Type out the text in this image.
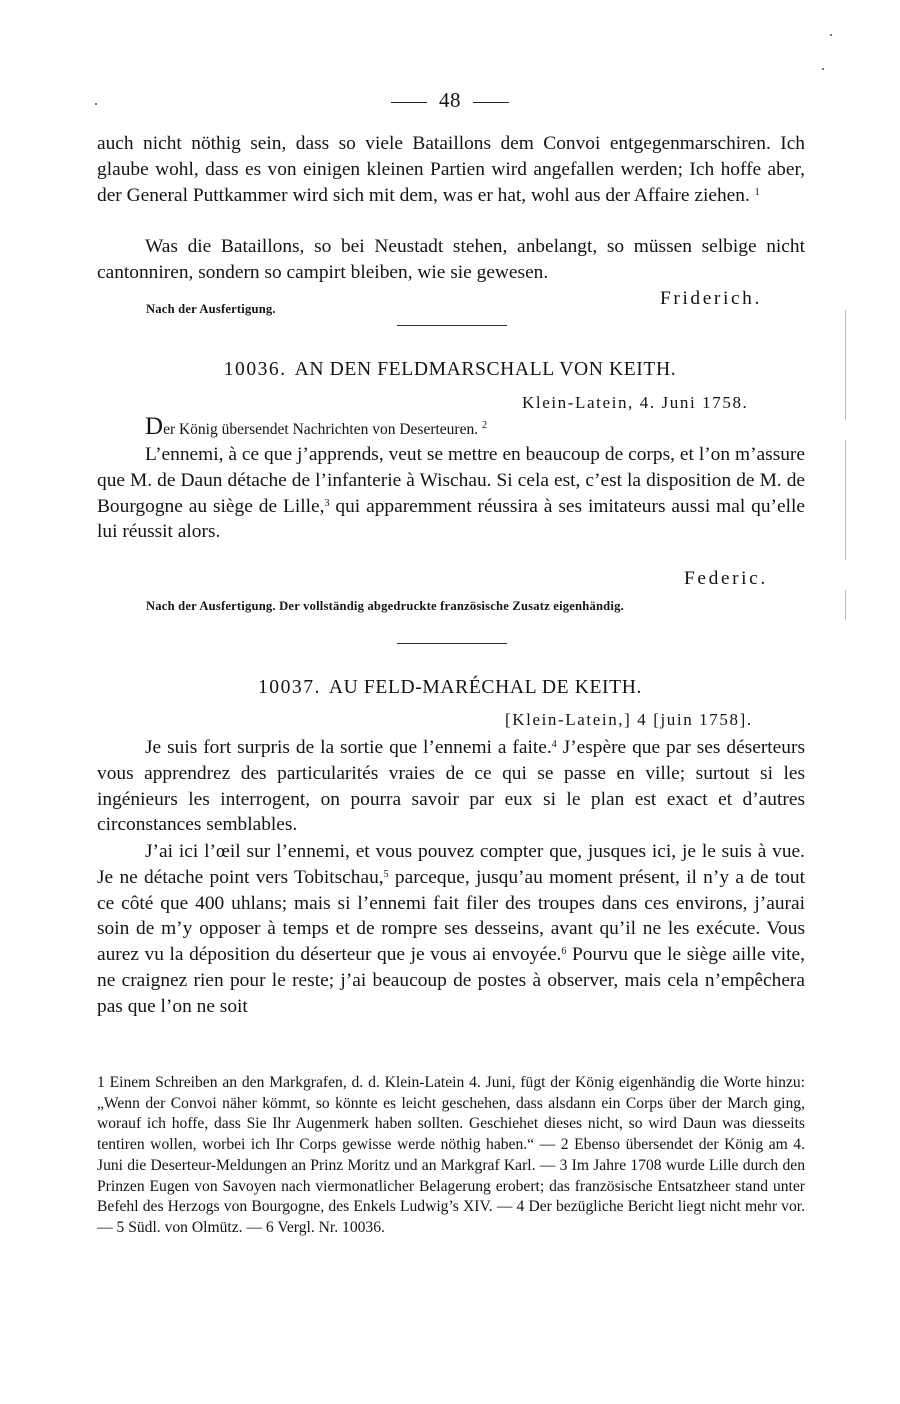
48
auch nicht nöthig sein, dass so viele Bataillons dem Convoi entgegenmarschiren. Ich glaube wohl, dass es von einigen kleinen Partien wird angefallen werden; Ich hoffe aber, der General Puttkammer wird sich mit dem, was er hat, wohl aus der Affaire ziehen. $^1$
Was die Bataillons, so bei Neustadt stehen, anbelangt, so müssen selbige nicht cantonniren, sondern so campirt bleiben, wie sie gewesen.
Nach der Ausfertigung.	Friderich.
10036. AN DEN FELDMARSCHALL VON KEITH.
Klein-Latein, 4. Juni 1758.
Der König übersendet Nachrichten von Deserteuren. $^2$
L’ennemi, à ce que j’apprends, veut se mettre en beaucoup de corps, et l’on m’assure que M. de Daun détache de l’infanterie à Wischau. Si cela est, c’est la disposition de M. de Bourgogne au siège de Lille,$^3$ qui apparemment réussira à ses imitateurs aussi mal qu’elle lui réussit alors.
Federic.
Nach der Ausfertigung. Der vollständig abgedruckte französische Zusatz eigenhändig.
10037. AU FELD-MARÉCHAL DE KEITH.
[Klein-Latein,] 4 [juin 1758].
Je suis fort surpris de la sortie que l’ennemi a faite.$^4$ J’espère que par ses déserteurs vous apprendrez des particularités vraies de ce qui se passe en ville; surtout si les ingénieurs les interrogent, on pourra savoir par eux si le plan est exact et d’autres circonstances semblables.
J’ai ici l’œil sur l’ennemi, et vous pouvez compter que, jusques ici, je le suis à vue. Je ne détache point vers Tobitschau,$^5$ parceque, jusqu’au moment présent, il n’y a de tout ce côté que 400 uhlans; mais si l’ennemi fait filer des troupes dans ces environs, j’aurai soin de m’y opposer à temps et de rompre ses desseins, avant qu’il ne les exécute. Vous aurez vu la déposition du déserteur que je vous ai envoyée.$^6$ Pourvu que le siège aille vite, ne craignez rien pour le reste; j’ai beaucoup de postes à observer, mais cela n’empêchera pas que l’on ne soit
1 Einem Schreiben an den Markgrafen, d. d. Klein-Latein 4. Juni, fügt der König eigenhändig die Worte hinzu: „Wenn der Convoi näher kömmt, so könnte es leicht geschehen, dass alsdann ein Corps über der March ging, worauf ich hoffe, dass Sie Ihr Augenmerk haben sollten. Geschiehet dieses nicht, so wird Daun was diesseits tentiren wollen, worbei ich Ihr Corps gewisse werde nöthig haben.“ — 2 Ebenso übersendet der König am 4. Juni die Deserteur-Meldungen an Prinz Moritz und an Markgraf Karl. — 3 Im Jahre 1708 wurde Lille durch den Prinzen Eugen von Savoyen nach viermonatlicher Belagerung erobert; das französische Entsatzheer stand unter Befehl des Herzogs von Bourgogne, des Enkels Ludwig’s XIV. — 4 Der bezügliche Bericht liegt nicht mehr vor. — 5 Südl. von Olmütz. — 6 Vergl. Nr. 10036.
